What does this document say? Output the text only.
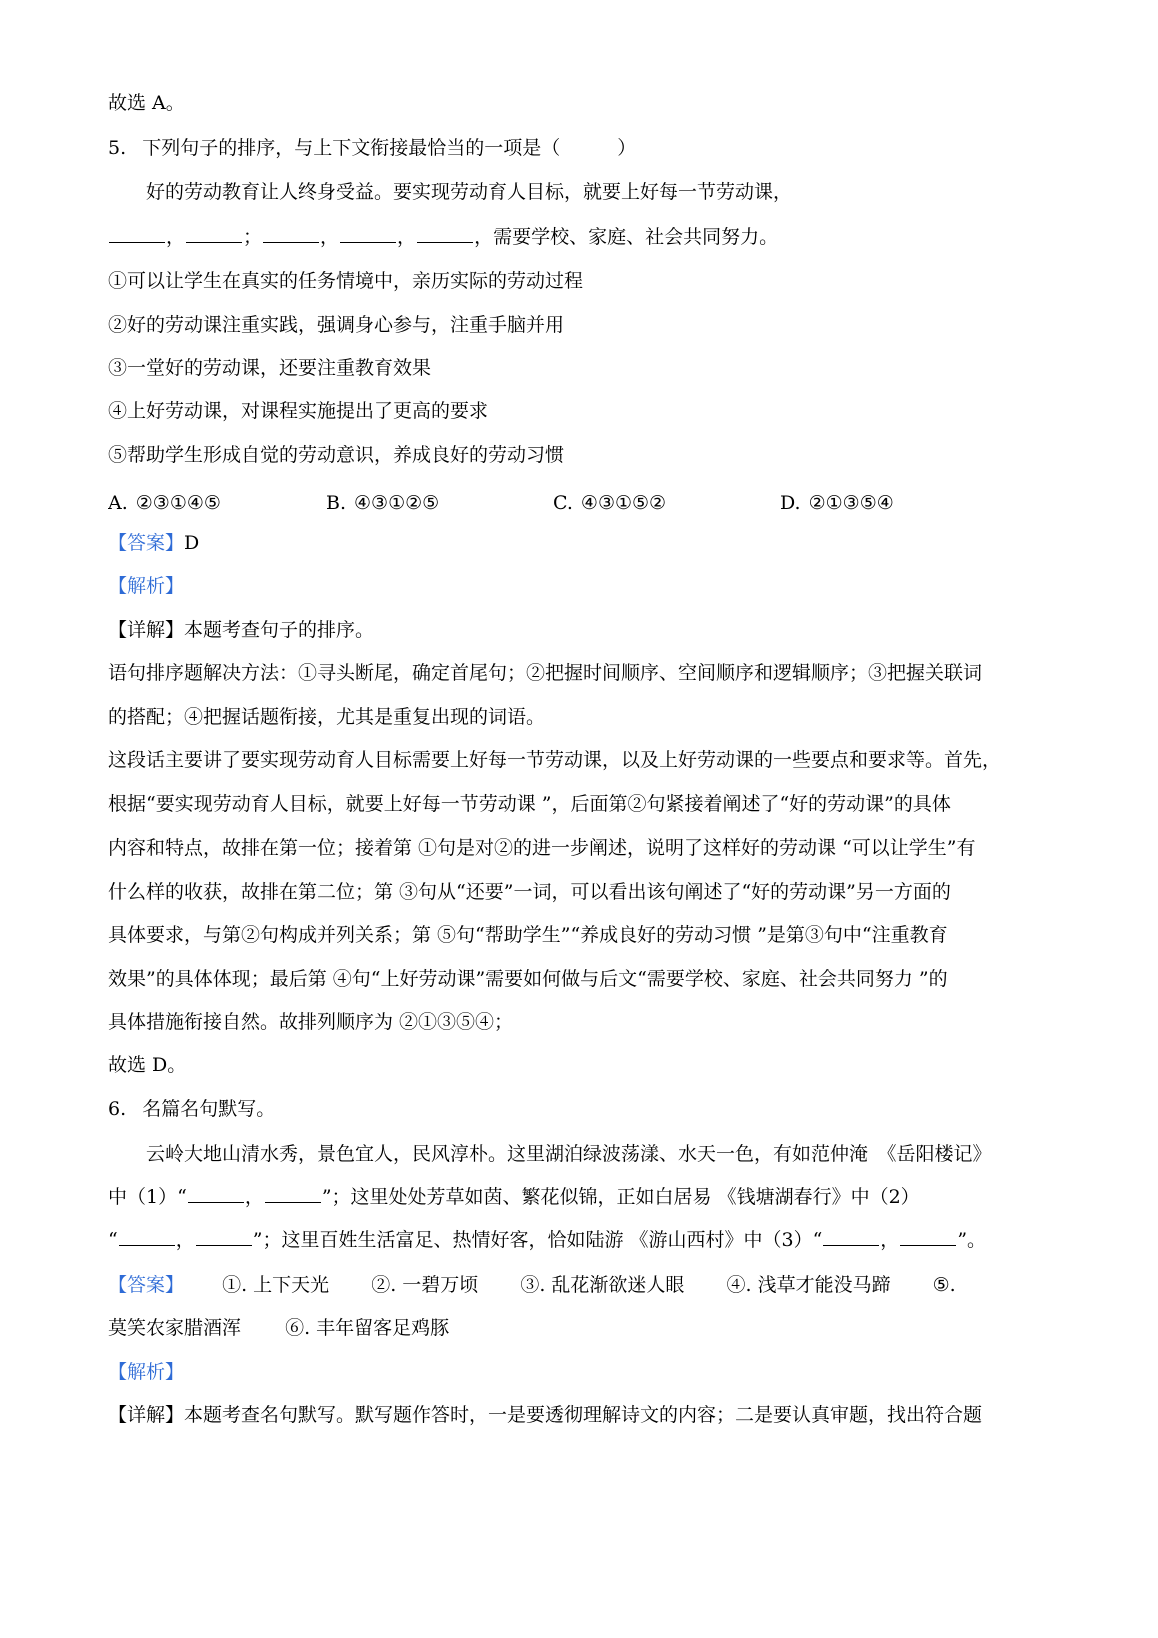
故选 A。
5. 下列句子的排序，与上下文衔接最恰当的一项是（　　　）
好的劳动教育让人终身受益。要实现劳动育人目标，就要上好每一节劳动课，
，	；	，	，	，需要学校、家庭、社会共同努力。
①可以让学生在真实的任务情境中，亲历实际的劳动过程
②好的劳动课注重实践，强调身心参与，注重手脑并用
③一堂好的劳动课，还要注重教育效果
④上好劳动课，对课程实施提出了更高的要求
⑤帮助学生形成自觉的劳动意识，养成良好的劳动习惯
A. ②③①④⑤	B. ④③①②⑤	C. ④③①⑤②	D. ②①③⑤④
【答案】D
【解析】
【详解】本题考查句子的排序。
语句排序题解决方法：①寻头断尾，确定首尾句；②把握时间顺序、空间顺序和逻辑顺序；③把握关联词
的搭配；④把握话题衔接，尤其是重复出现的词语。
这段话主要讲了要实现劳动育人目标需要上好每一节劳动课，以及上好劳动课的一些要点和要求等。首先，
根据“要实现劳动育人目标，就要上好每一节劳动课 ”，后面第②句紧接着阐述了“好的劳动课”的具体
内容和特点，故排在第一位；接着第 ①句是对②的进一步阐述，说明了这样好的劳动课 “可以让学生”有
什么样的收获，故排在第二位；第 ③句从“还要”一词，可以看出该句阐述了“好的劳动课”另一方面的
具体要求，与第②句构成并列关系；第 ⑤句“帮助学生”“养成良好的劳动习惯 ”是第③句中“注重教育
效果”的具体体现；最后第 ④句“上好劳动课”需要如何做与后文“需要学校、家庭、社会共同努力 ”的
具体措施衔接自然。故排列顺序为 ②①③⑤④；
故选 D。
6. 名篇名句默写。
云岭大地山清水秀，景色宜人，民风淳朴。这里湖泊绿波荡漾、水天一色，有如范仲淹　《岳阳楼记》
中（1）“	，	”；这里处处芳草如茵、繁花似锦，正如白居易 《钱塘湖春行》中（2）
“	，	”；这里百姓生活富足、热情好客，恰如陆游 《游山西村》中（3）“	，	”。
【答案】 ①. 上下天光 ②. 一碧万顷 ③. 乱花渐欲迷人眼 ④. 浅草才能没马蹄 ⑤.
莫笑农家腊酒浑 ⑥. 丰年留客足鸡豚
【解析】
【详解】本题考查名句默写。默写题作答时，一是要透彻理解诗文的内容；二是要认真审题，找出符合题
